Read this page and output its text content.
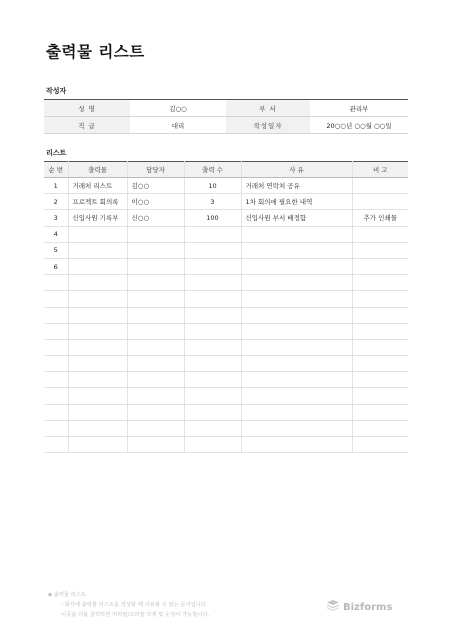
출력물 리스트
작성자
성 명	김○○	부 서	관리부
직 급	대리	작성일자	20○○년 ○○월 ○○일
리스트
순 번	출력물	담당자	출력 수	사 유	비 고
1	거래처 리스트	김○○	10	거래처 연락처 공유	
2	프로젝트 회의록	이○○	3	1차 회의에 필요한 내역	
3	신입사원 기록부	신○○	100	신입사원 부서 배정함	추가 인쇄물
4					
5					
6					

◆ 출력물 리스트
- 회사에 출력물 리스트를 작성할 때 사용할 수 있는 문서입니다.
이곳을 더블 클릭하면 머리말/꼬리말 삭제 및 수정이 가능합니다.
Bizforms
